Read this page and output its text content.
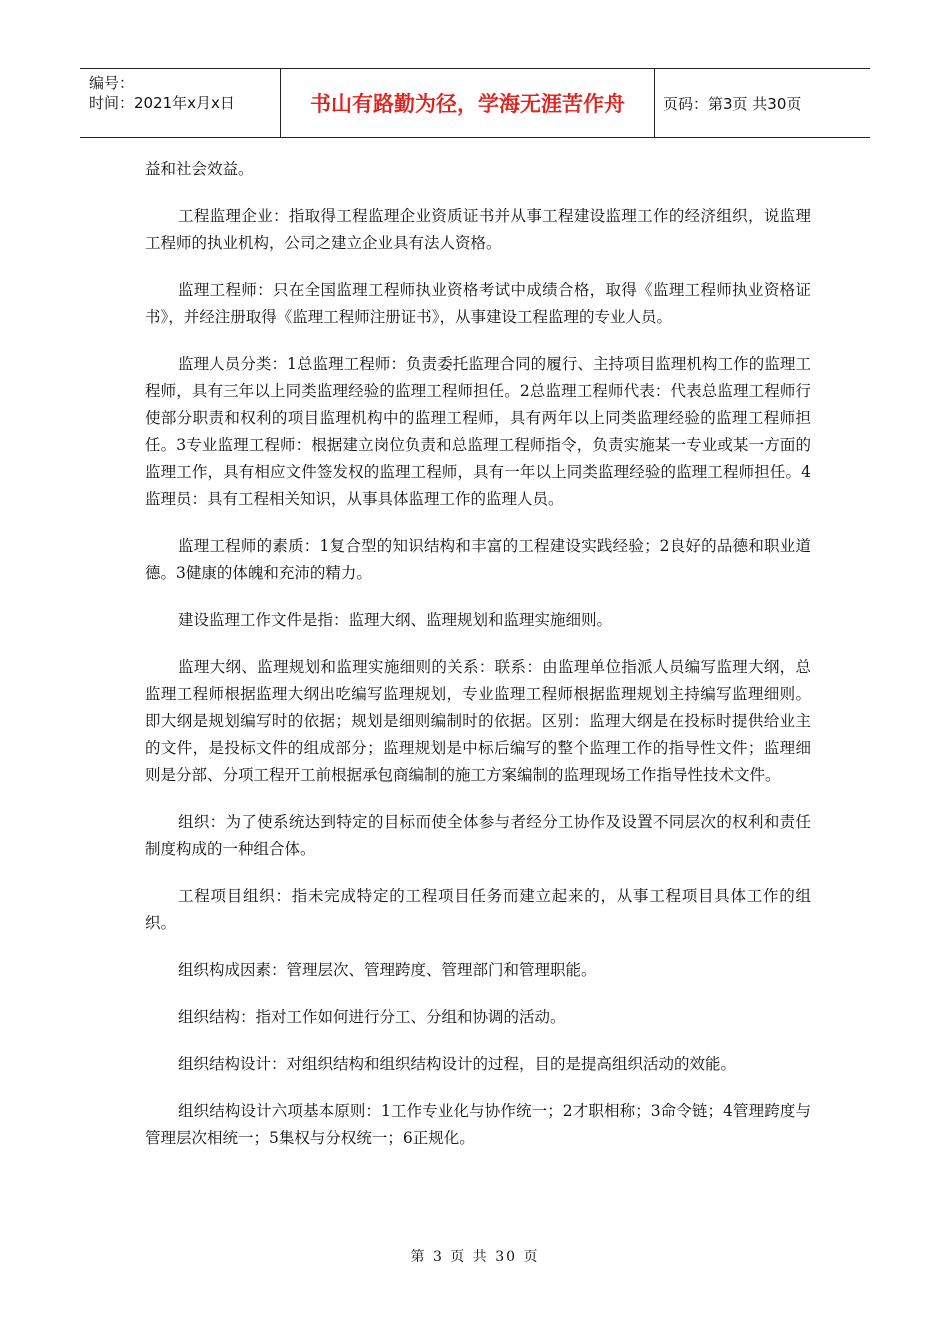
编号：
时间：2021年x月x日	书山有路勤为径，学海无涯苦作舟	页码：第3页 共30页

益和社会效益。

工程监理企业：指取得工程监理企业资质证书并从事工程建设监理工作的经济组织，说监理工程师的执业机构，公司之建立企业具有法人资格。

监理工程师：只在全国监理工程师执业资格考试中成绩合格，取得《监理工程师执业资格证书》，并经注册取得《监理工程师注册证书》，从事建设工程监理的专业人员。

监理人员分类：1总监理工程师：负责委托监理合同的履行、主持项目监理机构工作的监理工程师，具有三年以上同类监理经验的监理工程师担任。2总监理工程师代表：代表总监理工程师行使部分职责和权利的项目监理机构中的监理工程师，具有两年以上同类监理经验的监理工程师担任。3专业监理工程师：根据建立岗位负责和总监理工程师指令，负责实施某一专业或某一方面的监理工作，具有相应文件签发权的监理工程师，具有一年以上同类监理经验的监理工程师担任。4监理员：具有工程相关知识，从事具体监理工作的监理人员。

监理工程师的素质：1复合型的知识结构和丰富的工程建设实践经验；2良好的品德和职业道德。3健康的体魄和充沛的精力。

建设监理工作文件是指：监理大纲、监理规划和监理实施细则。

监理大纲、监理规划和监理实施细则的关系：联系：由监理单位指派人员编写监理大纲，总监理工程师根据监理大纲出吃编写监理规划，专业监理工程师根据监理规划主持编写监理细则。即大纲是规划编写时的依据；规划是细则编制时的依据。区别：监理大纲是在投标时提供给业主的文件，是投标文件的组成部分；监理规划是中标后编写的整个监理工作的指导性文件；监理细则是分部、分项工程开工前根据承包商编制的施工方案编制的监理现场工作指导性技术文件。

组织：为了使系统达到特定的目标而使全体参与者经分工协作及设置不同层次的权利和责任制度构成的一种组合体。

工程项目组织：指未完成特定的工程项目任务而建立起来的，从事工程项目具体工作的组织。

组织构成因素：管理层次、管理跨度、管理部门和管理职能。

组织结构：指对工作如何进行分工、分组和协调的活动。

组织结构设计：对组织结构和组织结构设计的过程，目的是提高组织活动的效能。

组织结构设计六项基本原则：1工作专业化与协作统一；2才职相称；3命令链；4管理跨度与管理层次相统一；5集权与分权统一；6正规化。

第 3 页 共 30 页
